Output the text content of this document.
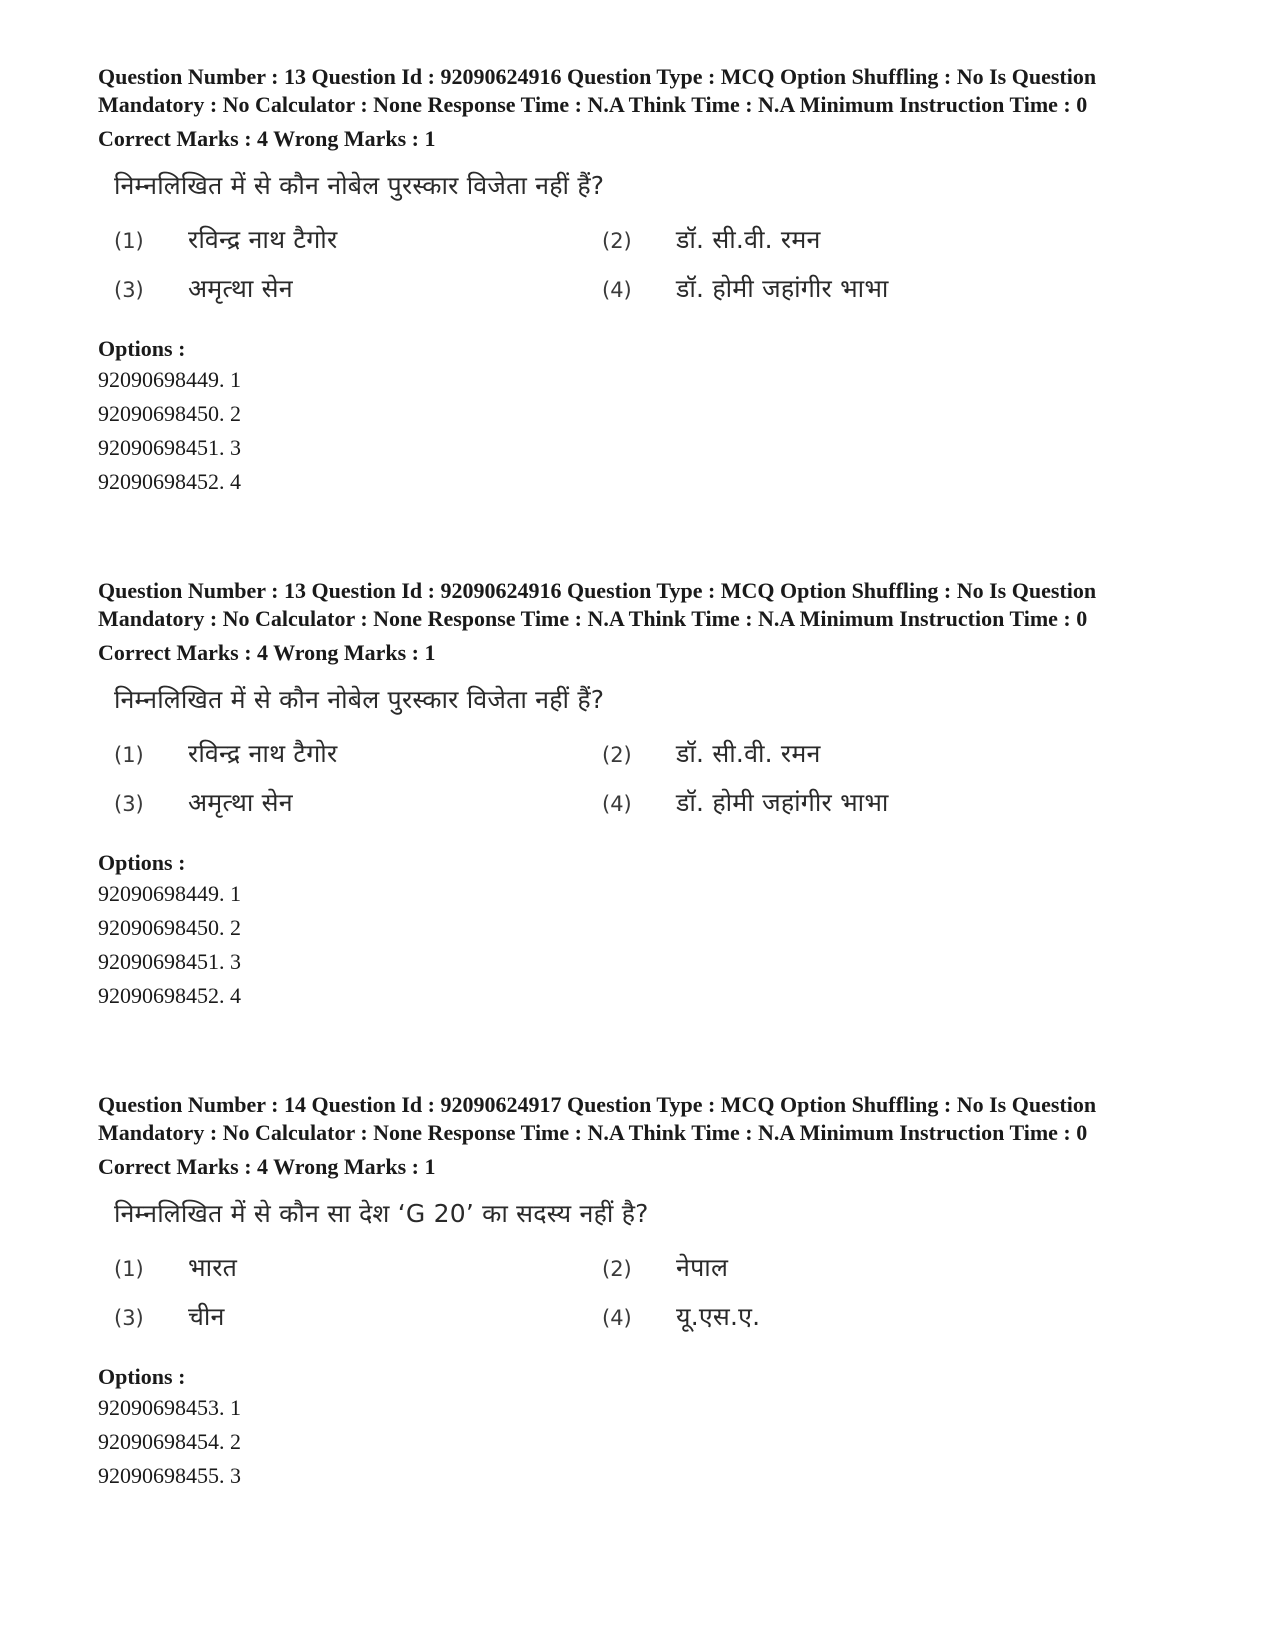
Question Number : 13 Question Id : 92090624916 Question Type : MCQ Option Shuffling : No Is Question Mandatory : No Calculator : None Response Time : N.A Think Time : N.A Minimum Instruction Time : 0

Correct Marks : 4 Wrong Marks : 1

निम्नलिखित में से कौन नोबेल पुरस्कार विजेता नहीं हैं?
(1)	रविन्द्र नाथ टैगोर	(2)	डॉ. सी.वी. रमन
(3)	अमृत्था सेन	(4)	डॉ. होमी जहांगीर भाभा
Options :
92090698449. 1
92090698450. 2
92090698451. 3
92090698452. 4

Question Number : 13 Question Id : 92090624916 Question Type : MCQ Option Shuffling : No Is Question Mandatory : No Calculator : None Response Time : N.A Think Time : N.A Minimum Instruction Time : 0

Correct Marks : 4 Wrong Marks : 1

निम्नलिखित में से कौन नोबेल पुरस्कार विजेता नहीं हैं?
(1)	रविन्द्र नाथ टैगोर	(2)	डॉ. सी.वी. रमन
(3)	अमृत्था सेन	(4)	डॉ. होमी जहांगीर भाभा
Options :
92090698449. 1
92090698450. 2
92090698451. 3
92090698452. 4

Question Number : 14 Question Id : 92090624917 Question Type : MCQ Option Shuffling : No Is Question Mandatory : No Calculator : None Response Time : N.A Think Time : N.A Minimum Instruction Time : 0

Correct Marks : 4 Wrong Marks : 1

निम्नलिखित में से कौन सा देश ‘G 20’ का सदस्य नहीं है?
(1)	भारत	(2)	नेपाल
(3)	चीन	(4)	यू.एस.ए.
Options :
92090698453. 1
92090698454. 2
92090698455. 3
